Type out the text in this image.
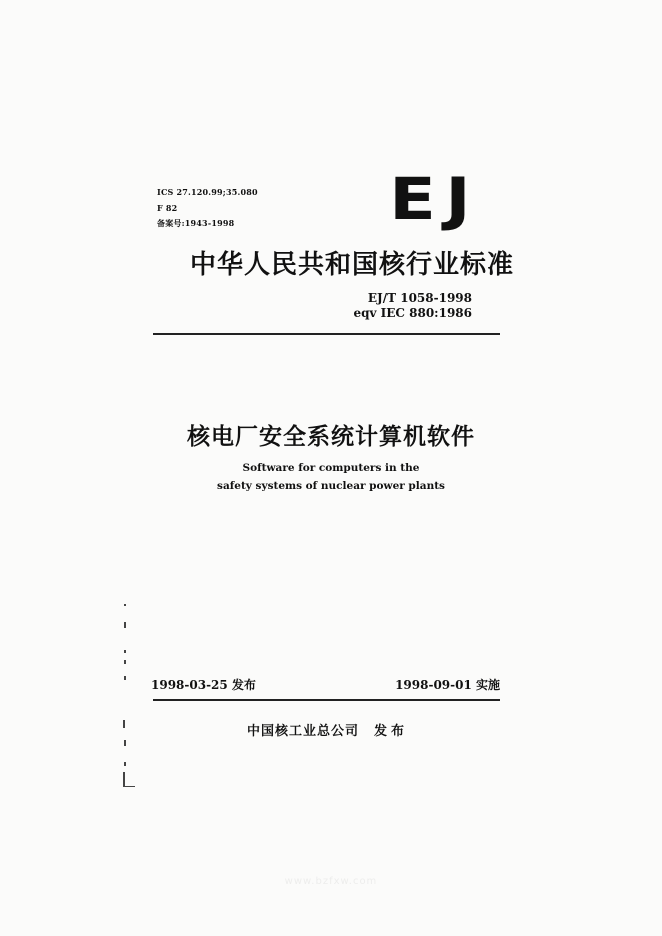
ICS 27.120.99;35.080
F 82
备案号:1943-1998	EJ
中华人民共和国核行业标准
EJ/T 1058-1998
eqv IEC 880:1986
核电厂安全系统计算机软件
Software for computers in the
safety systems of nuclear power plants
1998-03-25 发布	1998-09-01 实施
中国核工业总公司 发布
www.bzfxw.com
